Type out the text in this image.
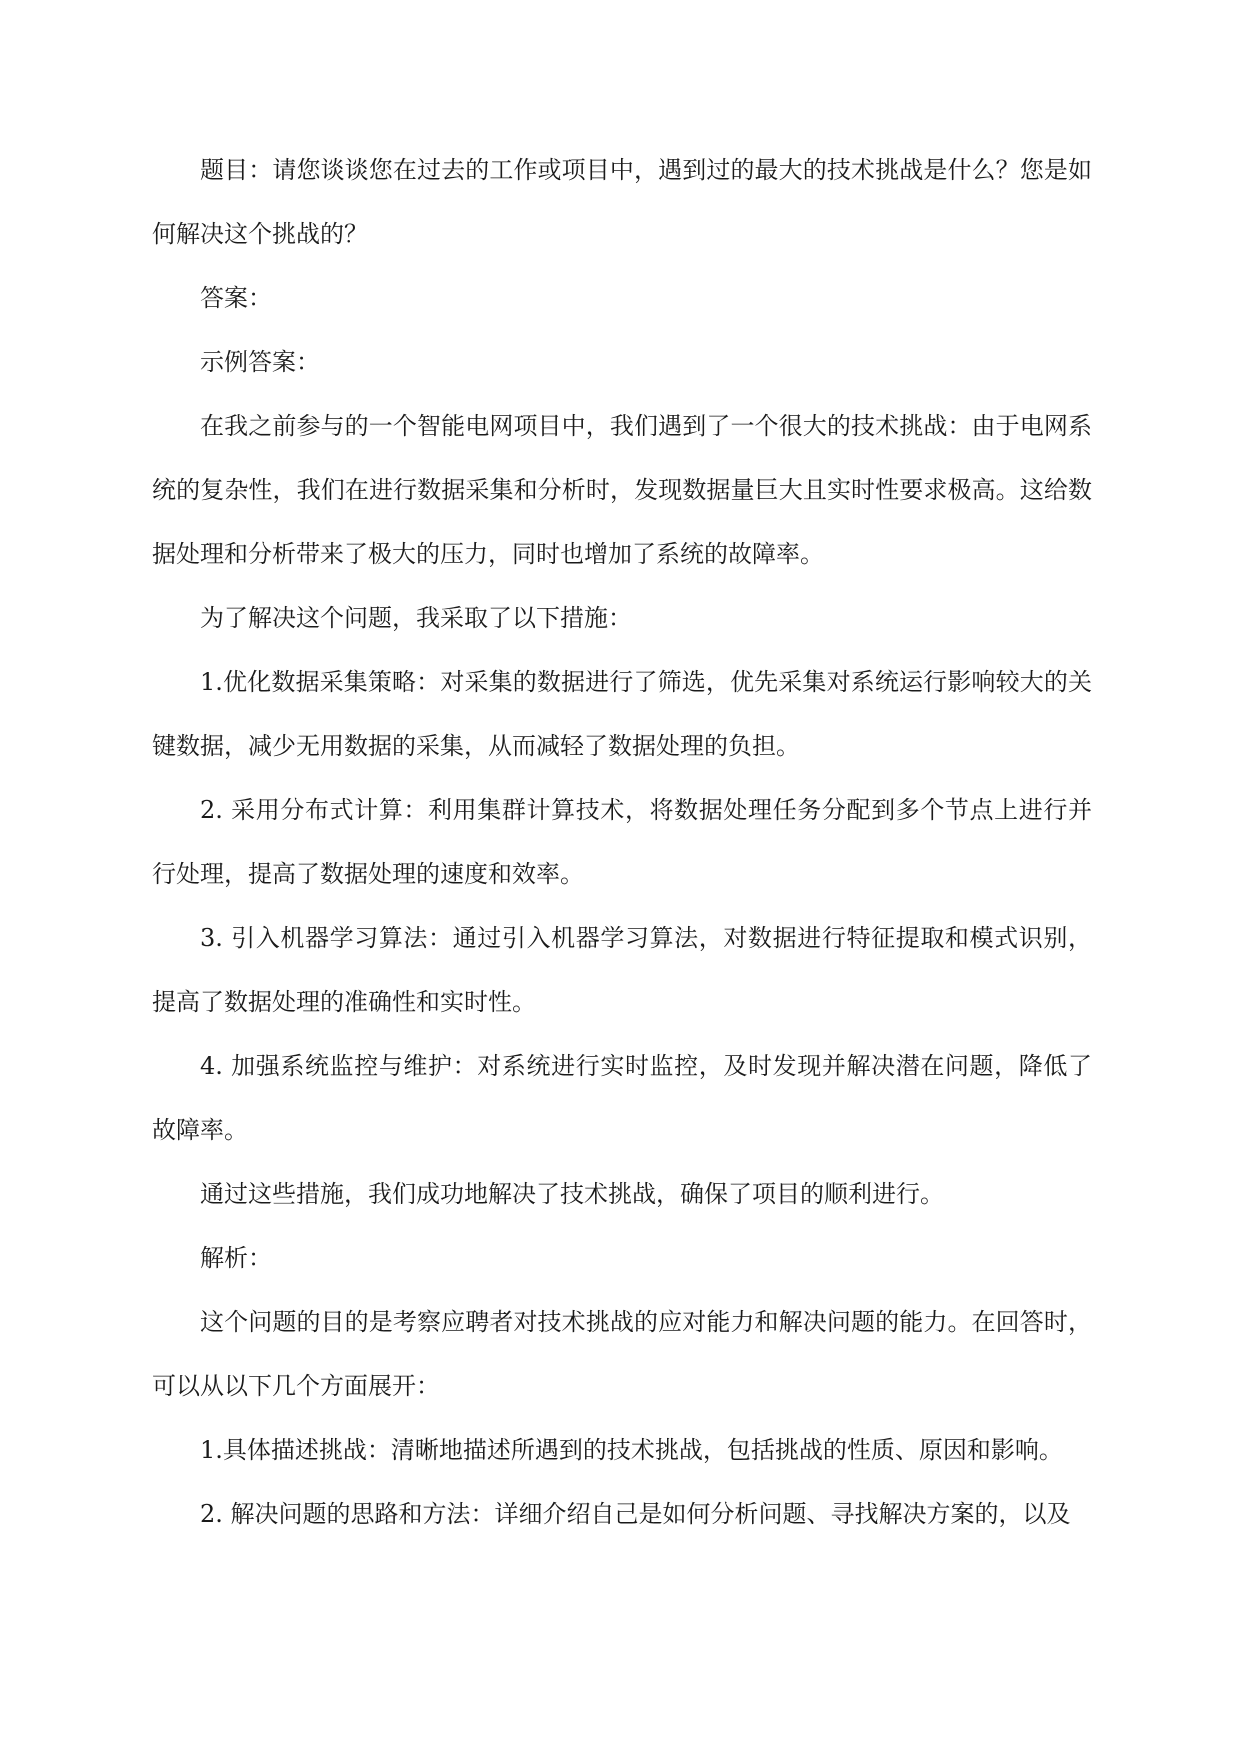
题目：请您谈谈您在过去的工作或项目中，遇到过的最大的技术挑战是什么？您是如何解决这个挑战的？

答案：

示例答案：

在我之前参与的一个智能电网项目中，我们遇到了一个很大的技术挑战：由于电网系统的复杂性，我们在进行数据采集和分析时，发现数据量巨大且实时性要求极高。这给数据处理和分析带来了极大的压力，同时也增加了系统的故障率。

为了解决这个问题，我采取了以下措施：

1.优化数据采集策略：对采集的数据进行了筛选，优先采集对系统运行影响较大的关键数据，减少无用数据的采集，从而减轻了数据处理的负担。

2. 采用分布式计算：利用集群计算技术，将数据处理任务分配到多个节点上进行并行处理，提高了数据处理的速度和效率。

3. 引入机器学习算法：通过引入机器学习算法，对数据进行特征提取和模式识别，提高了数据处理的准确性和实时性。

4. 加强系统监控与维护：对系统进行实时监控，及时发现并解决潜在问题，降低了故障率。

通过这些措施，我们成功地解决了技术挑战，确保了项目的顺利进行。

解析：

这个问题的目的是考察应聘者对技术挑战的应对能力和解决问题的能力。在回答时，可以从以下几个方面展开：

1.具体描述挑战：清晰地描述所遇到的技术挑战，包括挑战的性质、原因和影响。

2. 解决问题的思路和方法：详细介绍自己是如何分析问题、寻找解决方案的，以及
